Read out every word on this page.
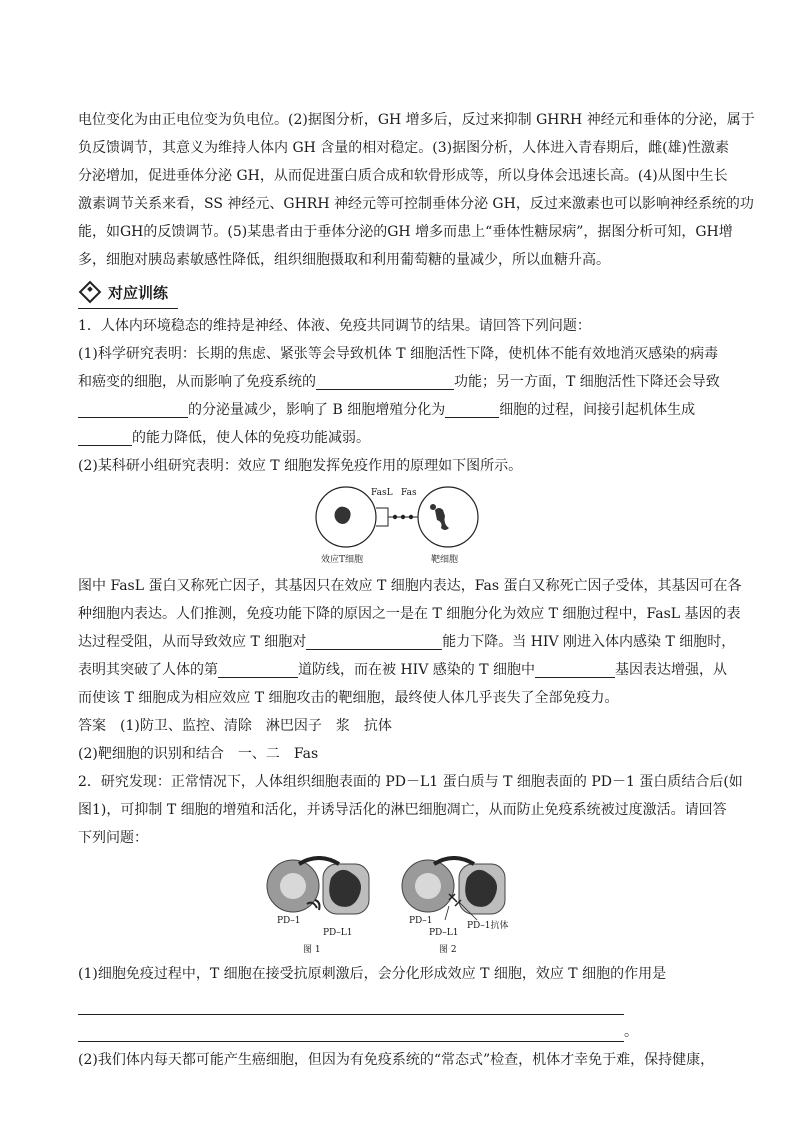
电位变化为由正电位变为负电位。(2)据图分析，GH 增多后，反过来抑制 GHRH 神经元和垂体的分泌，属于

负反馈调节，其意义为维持人体内 GH 含量的相对稳定。(3)据图分析，人体进入青春期后，雌(雄)性激素

分泌增加，促进垂体分泌 GH，从而促进蛋白质合成和软骨形成等，所以身体会迅速长高。(4)从图中生长

激素调节关系来看，SS 神经元、GHRH 神经元等可控制垂体分泌 GH，反过来激素也可以影响神经系统的功

能，如GH的反馈调节。(5)某患者由于垂体分泌的GH 增多而患上“垂体性糖尿病”，据图分析可知，GH增

多，细胞对胰岛素敏感性降低，组织细胞摄取和利用葡萄糖的量减少，所以血糖升高。

对应训练

1．人体内环境稳态的维持是神经、体液、免疫共同调节的结果。请回答下列问题：

(1)科学研究表明：长期的焦虑、紧张等会导致机体 T 细胞活性下降，使机体不能有效地消灭感染的病毒

和癌变的细胞，从而影响了免疫系统的	功能；另一方面，T 细胞活性下降还会导致

的分泌量减少，影响了 B 细胞增殖分化为	细胞的过程，间接引起机体生成

的能力降低，使人体的免疫功能减弱。

(2)某科研小组研究表明：效应 T 细胞发挥免疫作用的原理如下图所示。

FasL Fas
效应T细胞	靶细胞

图中 FasL 蛋白又称死亡因子，其基因只在效应 T 细胞内表达，Fas 蛋白又称死亡因子受体，其基因可在各

种细胞内表达。人们推测，免疫功能下降的原因之一是在 T 细胞分化为效应 T 细胞过程中，FasL 基因的表

达过程受阻，从而导致效应 T 细胞对	能力下降。当 HIV 刚进入体内感染 T 细胞时，

表明其突破了人体的第	道防线，而在被 HIV 感染的 T 细胞中	基因表达增强，从

而使该 T 细胞成为相应效应 T 细胞攻击的靶细胞，最终使人体几乎丧失了全部免疫力。

答案　(1)防卫、监控、清除　淋巴因子　浆　抗体

(2)靶细胞的识别和结合　一、二　Fas

2．研究发现：正常情况下，人体组织细胞表面的 PD－L1 蛋白质与 T 细胞表面的 PD－1 蛋白质结合后(如

图1)，可抑制 T 细胞的增殖和活化，并诱导活化的淋巴细胞凋亡，从而防止免疫系统被过度激活。请回答

下列问题：

PD–1
PD–L1
图 1
PD–1
PD–L1
PD–1抗体
图 2

(1)细胞免疫过程中，T 细胞在接受抗原刺激后，会分化形成效应 T 细胞，效应 T 细胞的作用是

。

(2)我们体内每天都可能产生癌细胞，但因为有免疫系统的“常态式”检查，机体才幸免于难，保持健康，
